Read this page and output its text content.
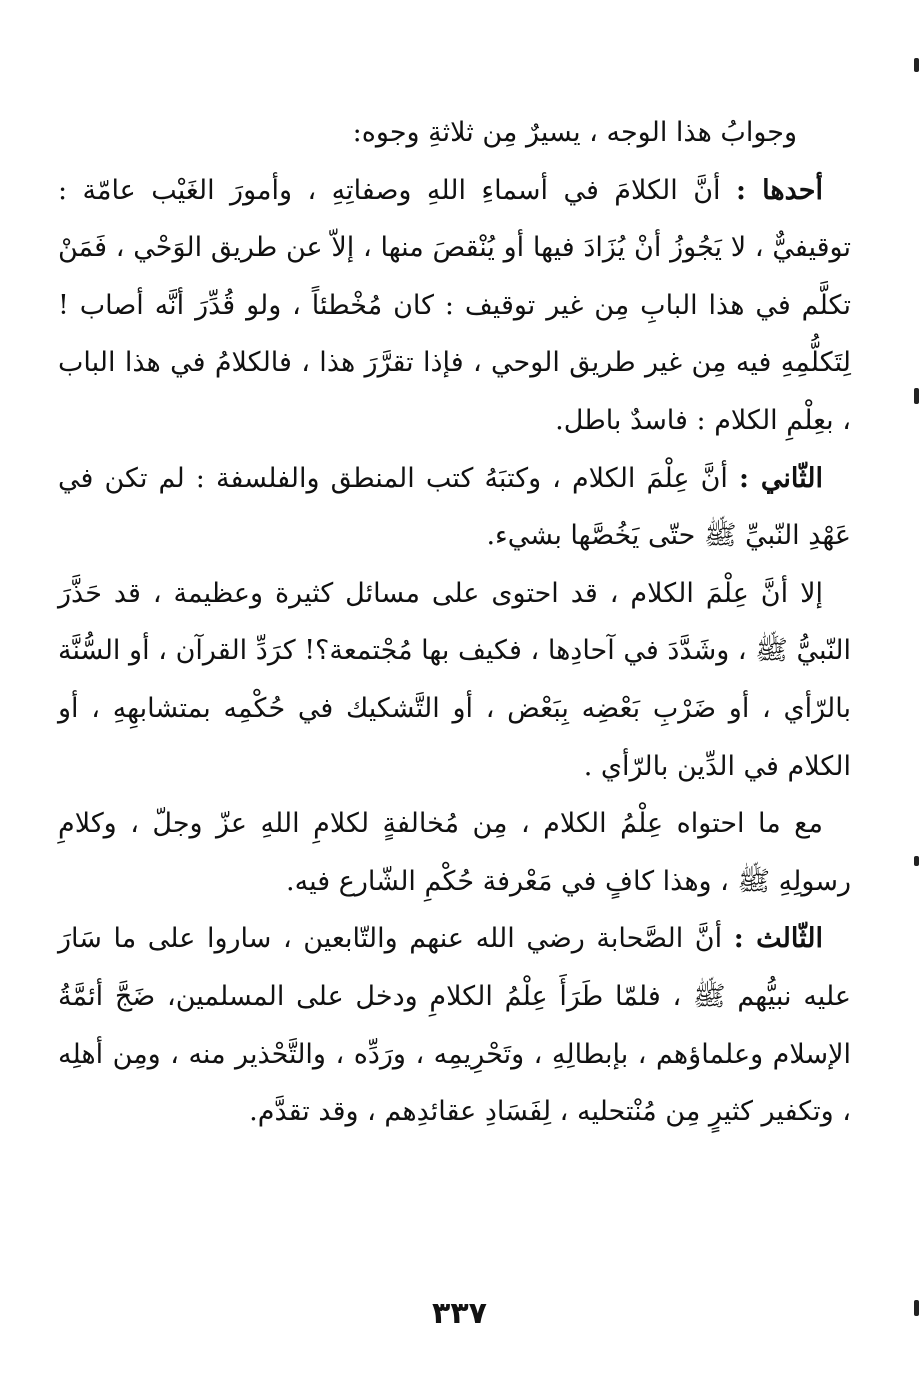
وجوابُ هذا الوجه ، يسيرٌ مِن ثلاثةِ وجوه:

أحدها : أنَّ الكلامَ في أسماءِ اللهِ وصفاتِهِ ، وأمورَ الغَيْب عامّة : توقيفيٌّ ، لا يَجُوزُ أنْ يُزَادَ فيها أو يُنْقصَ منها ، إلاّ عن طريق الوَحْي ، فَمَنْ تكلَّم في هذا البابِ مِن غير توقيف : كان مُخْطئاً ، ولو قُدِّرَ أنَّه أصاب ! لِتَكلُّمِهِ فيه مِن غير طريق الوحي ، فإذا تقرَّرَ هذا ، فالكلامُ في هذا الباب ، بعِلْمِ الكلام : فاسدٌ باطل.

الثّاني : أنَّ عِلْمَ الكلام ، وكتبَهُ كتب المنطق والفلسفة : لم تكن في عَهْدِ النّبيِّ ﷺ حتّى يَخُصَّها بشيء.

إلا أنَّ عِلْمَ الكلام ، قد احتوى على مسائل كثيرة وعظيمة ، قد حَذَّرَ النّبيُّ ﷺ ، وشَدَّدَ في آحادِها ، فكيف بها مُجْتمعة؟! كرَدِّ القرآن ، أو السُّنَّة بالرّأي ، أو ضَرْبِ بَعْضِه بِبَعْض ، أو التَّشكيك في حُكْمِه بمتشابهِهِ ، أو الكلام في الدِّين بالرّأي .

مع ما احتواه عِلْمُ الكلام ، مِن مُخالفةٍ لكلامِ اللهِ عزّ وجلّ ، وكلامِ رسولِهِ ﷺ ، وهذا كافٍ في مَعْرفة حُكْمِ الشّارع فيه.

الثّالث : أنَّ الصَّحابة رضي الله عنهم والتّابعين ، ساروا على ما سَارَ عليه نبيُّهم ﷺ ، فلمّا طَرَأَ عِلْمُ الكلامِ ودخل على المسلمين، ضَجَّ أئمَّةُ الإسلام وعلماؤهم ، بإبطالِهِ ، وتَحْرِيمِه ، ورَدِّه ، والتَّحْذير منه ، ومِن أهلِه ، وتكفير كثيرٍ مِن مُنْتحليه ، لِفَسَادِ عقائدِهم ، وقد تقدَّم.

٣٣٧
